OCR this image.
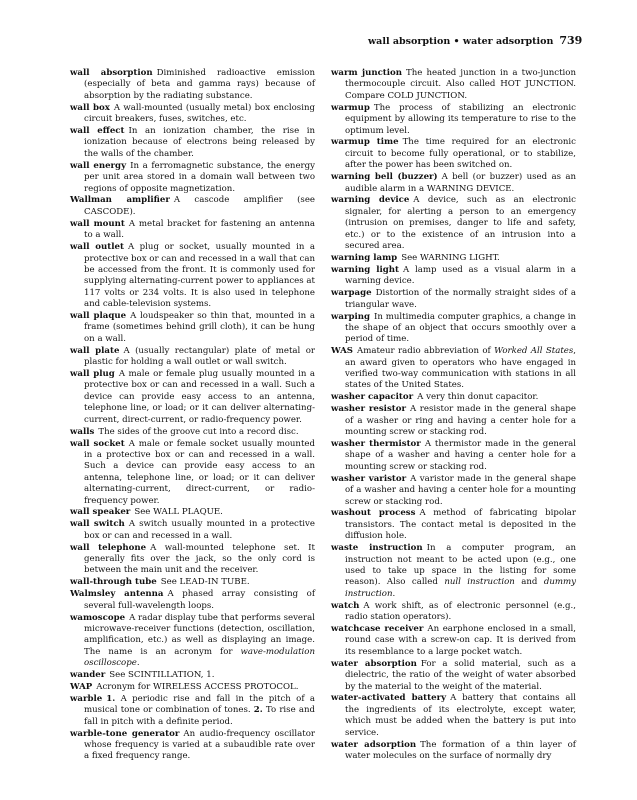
wall absorption • water adsorption 739

wall absorption Diminished radioactive emission (especially of beta and gamma rays) because of absorption by the radiating substance.

wall box A wall-mounted (usually metal) box enclosing circuit breakers, fuses, switches, etc.

wall effect In an ionization chamber, the rise in ionization because of electrons being released by the walls of the chamber.

wall energy In a ferromagnetic substance, the energy per unit area stored in a domain wall between two regions of opposite magnetization.

Wallman amplifier A cascode amplifier (see CASCODE).

wall mount A metal bracket for fastening an antenna to a wall.

wall outlet A plug or socket, usually mounted in a protective box or can and recessed in a wall that can be accessed from the front. It is commonly used for supplying alternating-current power to appliances at 117 volts or 234 volts. It is also used in telephone and cable-television systems.

wall plaque A loudspeaker so thin that, mounted in a frame (sometimes behind grill cloth), it can be hung on a wall.

wall plate A (usually rectangular) plate of metal or plastic for holding a wall outlet or wall switch.

wall plug A male or female plug usually mounted in a protective box or can and recessed in a wall. Such a device can provide easy access to an antenna, telephone line, or load; or it can deliver alternating-current, direct-current, or radio-frequency power.

walls The sides of the groove cut into a record disc.

wall socket A male or female socket usually mounted in a protective box or can and recessed in a wall. Such a device can provide easy access to an antenna, telephone line, or load; or it can deliver alternating-current, direct-current, or radio-frequency power.

wall speaker See WALL PLAQUE.

wall switch A switch usually mounted in a protective box or can and recessed in a wall.

wall telephone A wall-mounted telephone set. It generally fits over the jack, so the only cord is between the main unit and the receiver.

wall-through tube See LEAD-IN TUBE.

Walmsley antenna A phased array consisting of several full-wavelength loops.

wamoscope A radar display tube that performs several microwave-receiver functions (detection, oscillation, amplification, etc.) as well as displaying an image. The name is an acronym for wave-modulation oscilloscope.

wander See SCINTILLATION, 1.

WAP Acronym for WIRELESS ACCESS PROTOCOL.

warble 1. A periodic rise and fall in the pitch of a musical tone or combination of tones. 2. To rise and fall in pitch with a definite period.

warble-tone generator An audio-frequency oscillator whose frequency is varied at a subaudible rate over a fixed frequency range.

warm junction The heated junction in a two-junction thermocouple circuit. Also called HOT JUNCTION. Compare COLD JUNCTION.

warmup The process of stabilizing an electronic equipment by allowing its temperature to rise to the optimum level.

warmup time The time required for an electronic circuit to become fully operational, or to stabilize, after the power has been switched on.

warning bell (buzzer) A bell (or buzzer) used as an audible alarm in a WARNING DEVICE.

warning device A device, such as an electronic signaler, for alerting a person to an emergency (intrusion on premises, danger to life and safety, etc.) or to the existence of an intrusion into a secured area.

warning lamp See WARNING LIGHT.

warning light A lamp used as a visual alarm in a warning device.

warpage Distortion of the normally straight sides of a triangular wave.

warping In multimedia computer graphics, a change in the shape of an object that occurs smoothly over a period of time.

WAS Amateur radio abbreviation of Worked All States, an award given to operators who have engaged in verified two-way communication with stations in all states of the United States.

washer capacitor A very thin donut capacitor.

washer resistor A resistor made in the general shape of a washer or ring and having a center hole for a mounting screw or stacking rod.

washer thermistor A thermistor made in the general shape of a washer and having a center hole for a mounting screw or stacking rod.

washer varistor A varistor made in the general shape of a washer and having a center hole for a mounting screw or stacking rod.

washout process A method of fabricating bipolar transistors. The contact metal is deposited in the diffusion hole.

waste instruction In a computer program, an instruction not meant to be acted upon (e.g., one used to take up space in the listing for some reason). Also called null instruction and dummy instruction.

watch A work shift, as of electronic personnel (e.g., radio station operators).

watchcase receiver An earphone enclosed in a small, round case with a screw-on cap. It is derived from its resemblance to a large pocket watch.

water absorption For a solid material, such as a dielectric, the ratio of the weight of water absorbed by the material to the weight of the material.

water-activated battery A battery that contains all the ingredients of its electrolyte, except water, which must be added when the battery is put into service.

water adsorption The formation of a thin layer of water molecules on the surface of normally dry
